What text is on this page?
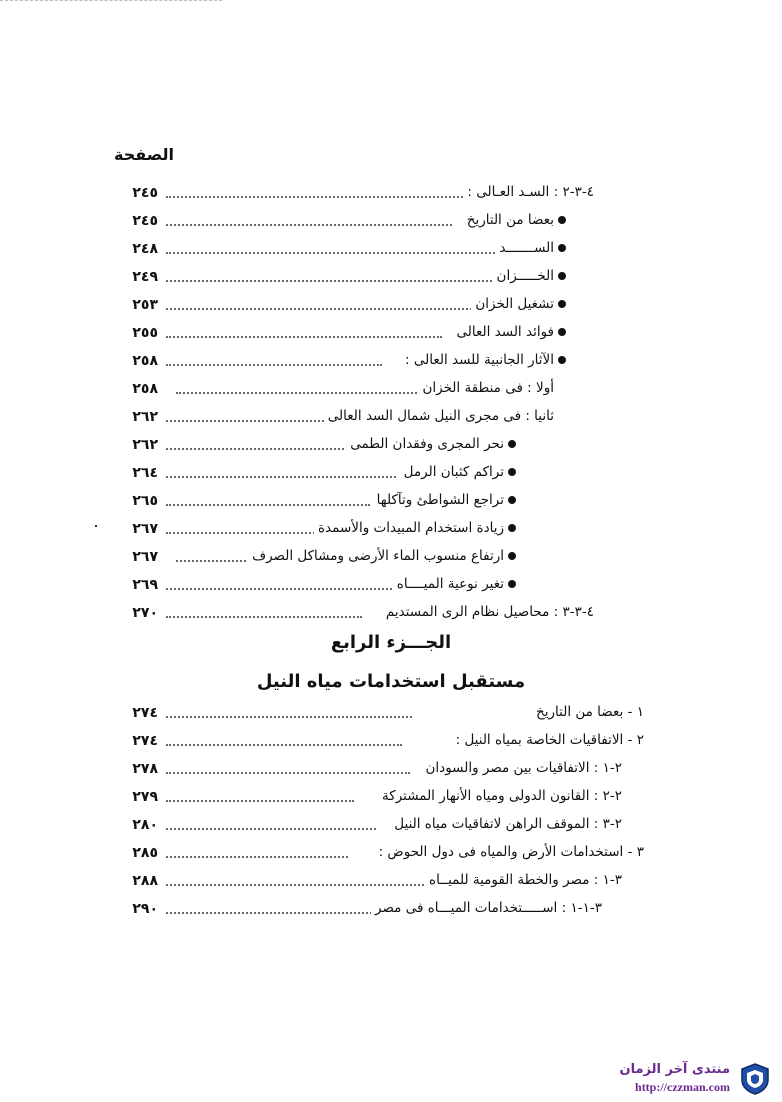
الصفحة
٢٤٥	٤-٣-٢ : السـد العـالى :
٢٤٥	بعضا من التاريخ
٢٤٨	الســـــــد
٢٤٩	الخـــــزان
٢٥٣	تشغيل الخزان
٢٥٥	فوائد السد العالى
٢٥٨	الآثار الجانبية للسد العالى :
٢٥٨	أولا : فى منطقة الخزان
٢٦٢	ثانيا : فى مجرى النيل شمال السد العالى
٢٦٢	نحر المجرى وفقدان الطمى
٢٦٤	تراكم كثبان الرمل
٢٦٥	تراجع الشواطئ وتآكلها
٢٦٧	زيادة استخدام المبيدات والأسمدة
٢٦٧	ارتفاع منسوب الماء الأرضى ومشاكل الصرف
٢٦٩	تغير نوعية الميــــاه
٢٧٠	٤-٣-٣ : محاصيل نظام الرى المستديم
الجـــزء الرابع
مستقبل استخدامات مياه النيل
٢٧٤	١ - بعضا من التاريخ
٢٧٤	٢ - الاتفاقيات الخاصة بمياه النيل :
٢٧٨	٢-١ : الاتفاقيات بين مصر والسودان
٢٧٩	٢-٢ : القانون الدولى ومياه الأنهار المشتركة
٢٨٠	٢-٣ : الموقف الراهن لاتفاقيات مياه النيل
٢٨٥	٣ - استخدامات الأرض والمياه فى دول الحوض :
٢٨٨	٣-١ : مصر والخطة القومية للميــاه
٢٩٠	٣-١-١ : اســـــتخدامات الميـــاه فى مصر
منتدى آخر الزمان
http://czzman.com
